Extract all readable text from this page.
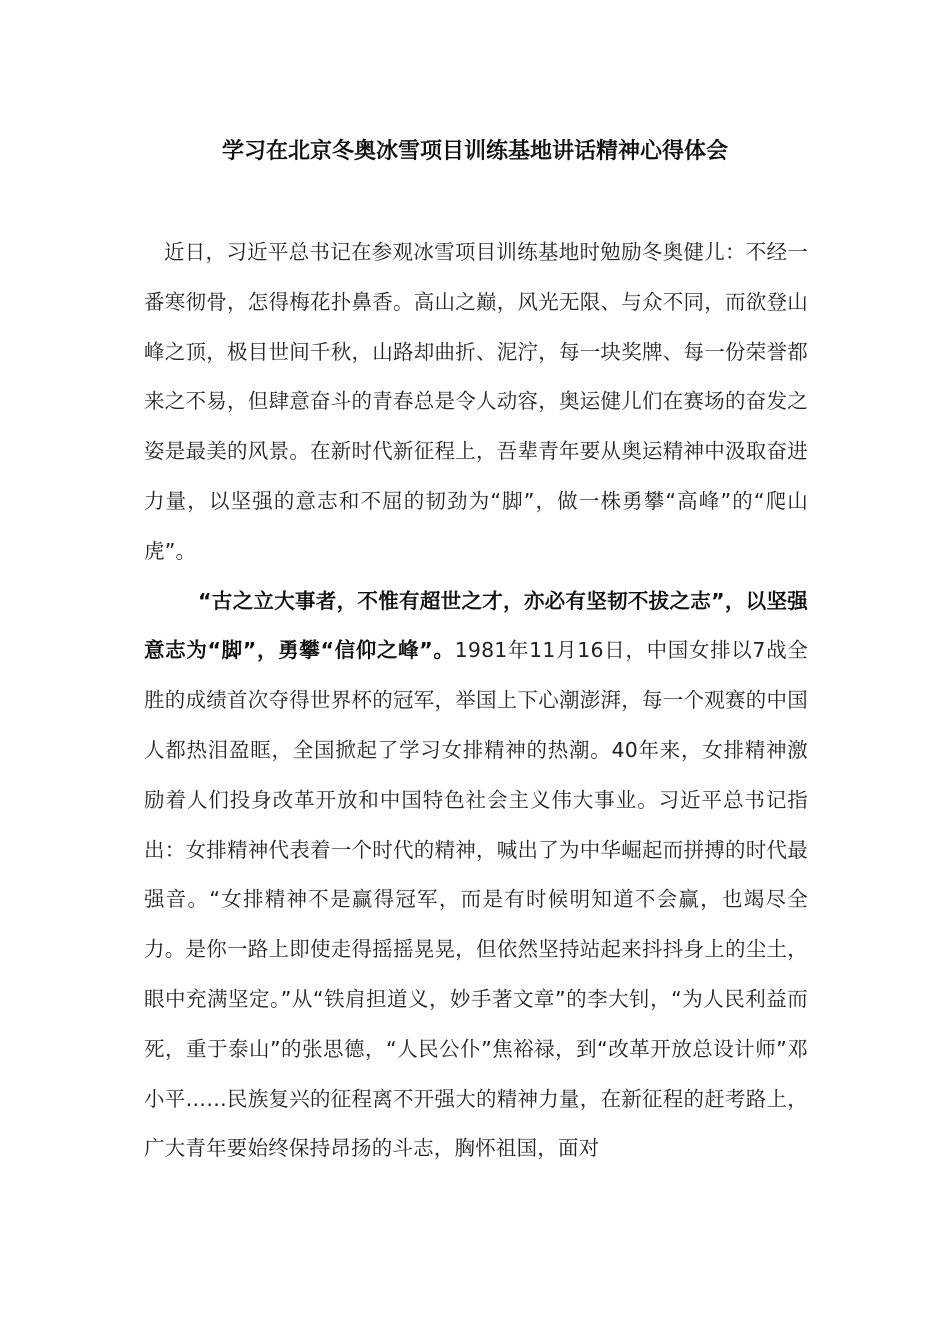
学习在北京冬奥冰雪项目训练基地讲话精神心得体会

近日，习近平总书记在参观冰雪项目训练基地时勉励冬奥健儿：不经一番寒彻骨，怎得梅花扑鼻香。高山之巅，风光无限、与众不同，而欲登山峰之顶，极目世间千秋，山路却曲折、泥泞，每一块奖牌、每一份荣誉都来之不易，但肆意奋斗的青春总是令人动容，奥运健儿们在赛场的奋发之姿是最美的风景。在新时代新征程上，吾辈青年要从奥运精神中汲取奋进力量，以坚强的意志和不屈的韧劲为“脚”，做一株勇攀“高峰”的“爬山虎”。

“古之立大事者，不惟有超世之才，亦必有坚韧不拔之志”，以坚强意志为“脚”，勇攀“信仰之峰”。1981年11月16日，中国女排以7战全胜的成绩首次夺得世界杯的冠军，举国上下心潮澎湃，每一个观赛的中国人都热泪盈眶，全国掀起了学习女排精神的热潮。40年来，女排精神激励着人们投身改革开放和中国特色社会主义伟大事业。习近平总书记指出：女排精神代表着一个时代的精神，喊出了为中华崛起而拼搏的时代最强音。“女排精神不是赢得冠军，而是有时候明知道不会赢，也竭尽全力。是你一路上即使走得摇摇晃晃，但依然坚持站起来抖抖身上的尘土，眼中充满坚定。”从“铁肩担道义，妙手著文章”的李大钊，“为人民利益而死，重于泰山”的张思德，“人民公仆”焦裕禄，到“改革开放总设计师”邓小平……民族复兴的征程离不开强大的精神力量，在新征程的赶考路上，广大青年要始终保持昂扬的斗志，胸怀祖国，面对
